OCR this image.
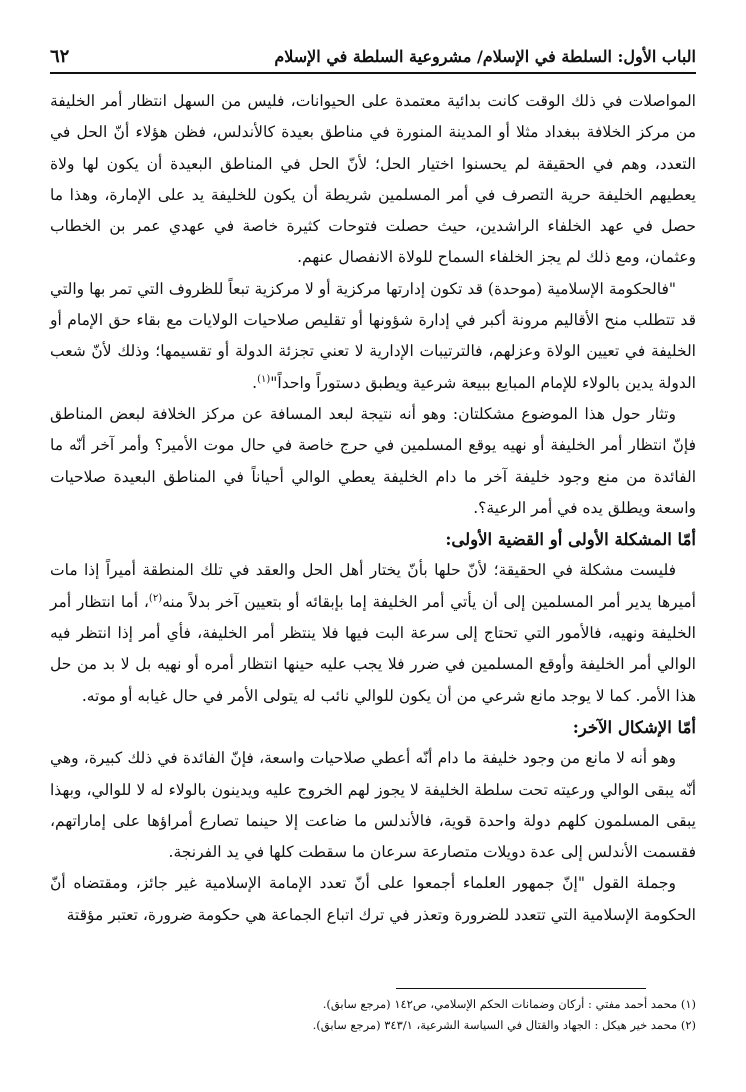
الباب الأول: السلطة في الإسلام/ مشروعية السلطة في الإسلام
٦٢

المواصلات في ذلك الوقت كانت بدائية معتمدة على الحيوانات، فليس من السهل انتظار أمر الخليفة من مركز الخلافة ببغداد مثلا أو المدينة المنورة في مناطق بعيدة كالأندلس، فظن هؤلاء أنّ الحل في التعدد، وهم في الحقيقة لم يحسنوا اختيار الحل؛ لأنّ الحل في المناطق البعيدة أن يكون لها ولاة يعطيهم الخليفة حرية التصرف في أمر المسلمين شريطة أن يكون للخليفة يد على الإمارة، وهذا ما حصل في عهد الخلفاء الراشدين، حيث حصلت فتوحات كثيرة خاصة في عهدي عمر بن الخطاب وعثمان، ومع ذلك لم يجز الخلفاء السماح للولاة الانفصال عنهم.

"فالحكومة الإسلامية (موحدة) قد تكون إدارتها مركزية أو لا مركزية تبعاً للظروف التي تمر بها والتي قد تتطلب منح الأقاليم مرونة أكبر في إدارة شؤونها أو تقليص صلاحيات الولايات مع بقاء حق الإمام أو الخليفة في تعيين الولاة وعزلهم، فالترتيبات الإدارية لا تعني تجزئة الدولة أو تقسيمها؛ وذلك لأنّ شعب الدولة يدين بالولاء للإمام المبايع ببيعة شرعية ويطبق دستوراً واحداً"$^{(١)}$.

وتثار حول هذا الموضوع مشكلتان: وهو أنه نتيجة لبعد المسافة عن مركز الخلافة لبعض المناطق فإنّ انتظار أمر الخليفة أو نهيه يوقع المسلمين في حرج خاصة في حال موت الأمير؟ وأمر آخر أنّه ما الفائدة من منع وجود خليفة آخر ما دام الخليفة يعطي الوالي أحياناً في المناطق البعيدة صلاحيات واسعة ويطلق يده في أمر الرعية؟.

أمّا المشكلة الأولى أو القضية الأولى:

فليست مشكلة في الحقيقة؛ لأنّ حلها بأنّ يختار أهل الحل والعقد في تلك المنطقة أميراً إذا مات أميرها يدير أمر المسلمين إلى أن يأتي أمر الخليفة إما بإبقائه أو بتعيين آخر بدلاً منه$^{(٢)}$، أما انتظار أمر الخليفة ونهيه، فالأمور التي تحتاج إلى سرعة البت فيها فلا ينتظر أمر الخليفة، فأي أمر إذا انتظر فيه الوالي أمر الخليفة وأوقع المسلمين في ضرر فلا يجب عليه حينها انتظار أمره أو نهيه بل لا بد من حل هذا الأمر. كما لا يوجد مانع شرعي من أن يكون للوالي نائب له يتولى الأمر في حال غيابه أو موته.

أمّا الإشكال الآخر:

وهو أنه لا مانع من وجود خليفة ما دام أنّه أعطي صلاحيات واسعة، فإنّ الفائدة في ذلك كبيرة، وهي أنّه يبقى الوالي ورعيته تحت سلطة الخليفة لا يجوز لهم الخروج عليه ويدينون بالولاء له لا للوالي، وبهذا يبقى المسلمون كلهم دولة واحدة قوية، فالأندلس ما ضاعت إلا حينما تصارع أمراؤها على إماراتهم، فقسمت الأندلس إلى عدة دويلات متصارعة سرعان ما سقطت كلها في يد الفرنجة.

وجملة القول "إنّ جمهور العلماء أجمعوا على أنّ تعدد الإمامة الإسلامية غير جائز، ومقتضاه أنّ الحكومة الإسلامية التي تتعدد للضرورة وتعذر في ترك اتباع الجماعة هي حكومة ضرورة، تعتبر مؤقتة

(١) محمد أحمد مفتي : أركان وضمانات الحكم الإسلامي، ص١٤٢ (مرجع سابق).
(٢) محمد خير هيكل : الجهاد والقتال في السياسة الشرعية، ٣٤٣/١ (مرجع سابق).
